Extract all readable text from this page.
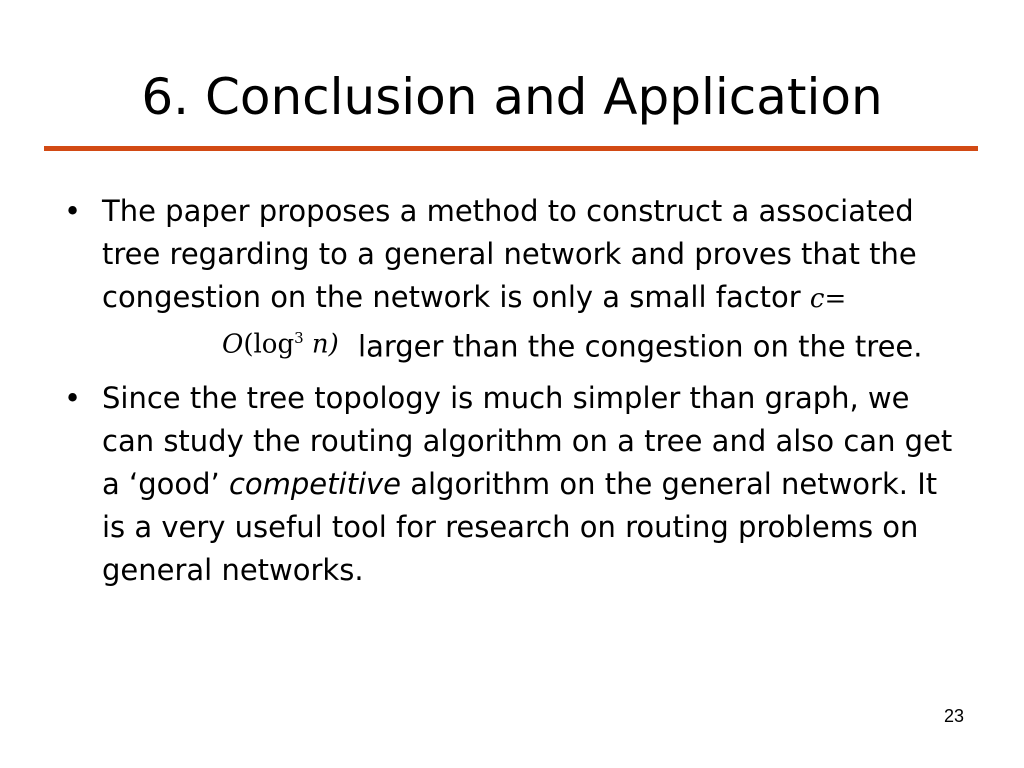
6. Conclusion and Application
• The paper proposes a method to construct a associated tree regarding to a general network and proves that the congestion on the network is only a small factor $c=O(\log^3$ n) larger than the congestion on the tree.
• Since the tree topology is much simpler than graph, we can study the routing algorithm on a tree and also can get a ‘good’ competitive algorithm on the general network. It is a very useful tool for research on routing problems on general networks.
23
